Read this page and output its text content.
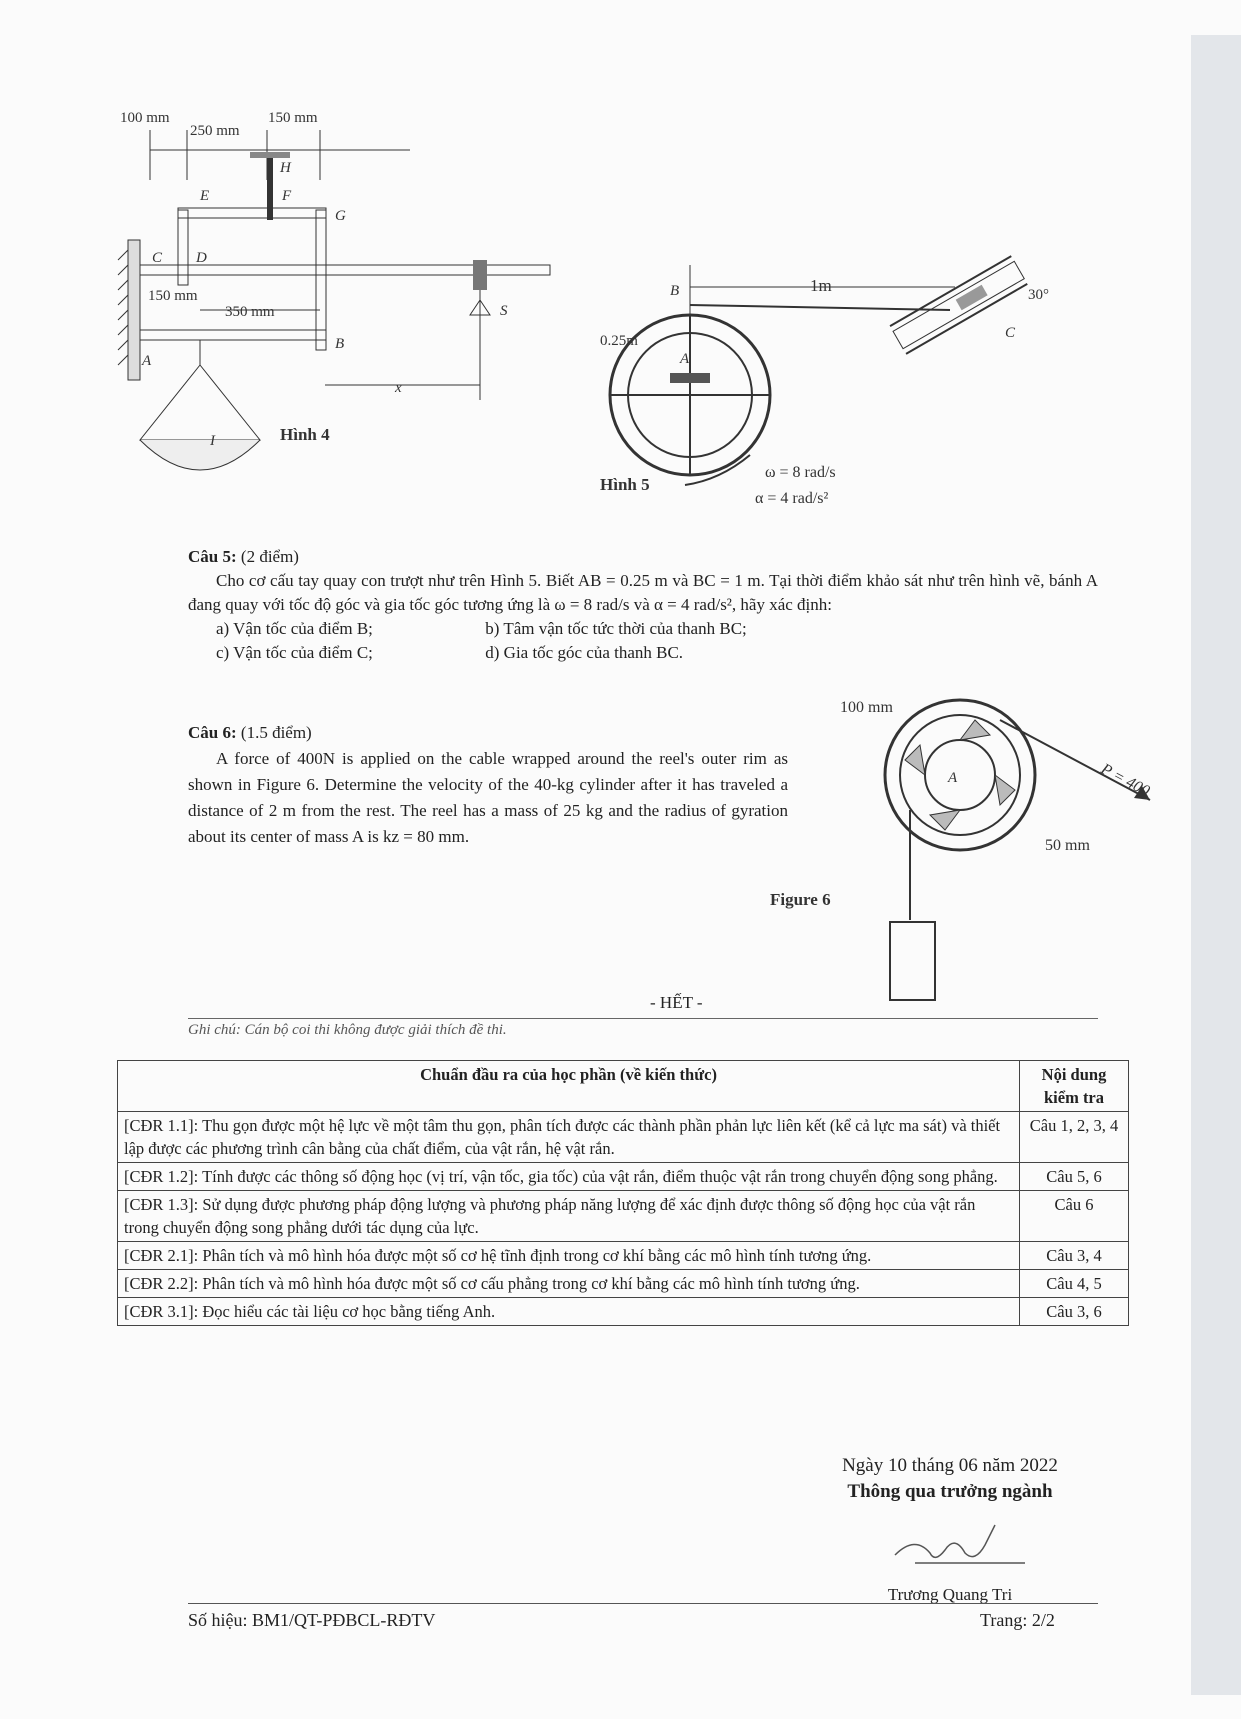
100 mm
250 mm
150 mm
H
E	F
G
C D
S
B
A
150 mm
350 mm
x
I	Hình 4
1m
A
0.25m
B
C
30°
Hình 5
ω = 8 rad/s
α = 4 rad/s²

Câu 5: (2 điểm)

Cho cơ cấu tay quay con trượt như trên Hình 5. Biết AB = 0.25 m và BC = 1 m. Tại thời điểm khảo sát như trên hình vẽ, bánh A đang quay với tốc độ góc và gia tốc góc tương ứng là ω = 8 rad/s và α = 4 rad/s², hãy xác định:

a) Vận tốc của điểm B;	b) Tâm vận tốc tức thời của thanh BC;

c) Vận tốc của điểm C;	d) Gia tốc góc của thanh BC.

Câu 6: (1.5 điểm)

A force of 400N is applied on the cable wrapped around the reel's outer rim as shown in Figure 6. Determine the velocity of the 40-kg cylinder after it has traveled a distance of 2 m from the rest. The reel has a mass of 25 kg and the radius of gyration about its center of mass A is kz = 80 mm.

100 mm
A	P = 400
50 mm
Figure 6
- HẾT -
Ghi chú: Cán bộ coi thi không được giải thích đề thi.
Chuẩn đầu ra của học phần (về kiến thức)	Nội dung kiểm tra
[CĐR 1.1]: Thu gọn được một hệ lực về một tâm thu gọn, phân tích được các thành phần phản lực liên kết (kể cả lực ma sát) và thiết lập được các phương trình cân bằng của chất điểm, của vật rắn, hệ vật rắn.	Câu 1, 2, 3, 4
[CĐR 1.2]: Tính được các thông số động học (vị trí, vận tốc, gia tốc) của vật rắn, điểm thuộc vật rắn trong chuyển động song phẳng.	Câu 5, 6
[CĐR 1.3]: Sử dụng được phương pháp động lượng và phương pháp năng lượng để xác định được thông số động học của vật rắn trong chuyển động song phẳng dưới tác dụng của lực.	Câu 6
[CĐR 2.1]: Phân tích và mô hình hóa được một số cơ hệ tĩnh định trong cơ khí bằng các mô hình tính tương ứng.	Câu 3, 4
[CĐR 2.2]: Phân tích và mô hình hóa được một số cơ cấu phẳng trong cơ khí bằng các mô hình tính tương ứng.	Câu 4, 5
[CĐR 3.1]: Đọc hiểu các tài liệu cơ học bằng tiếng Anh.	Câu 3, 6
Ngày 10 tháng 06 năm 2022
Thông qua trưởng ngành
Trương Quang Tri
Số hiệu: BM1/QT-PĐBCL-RĐTV	Trang: 2/2
